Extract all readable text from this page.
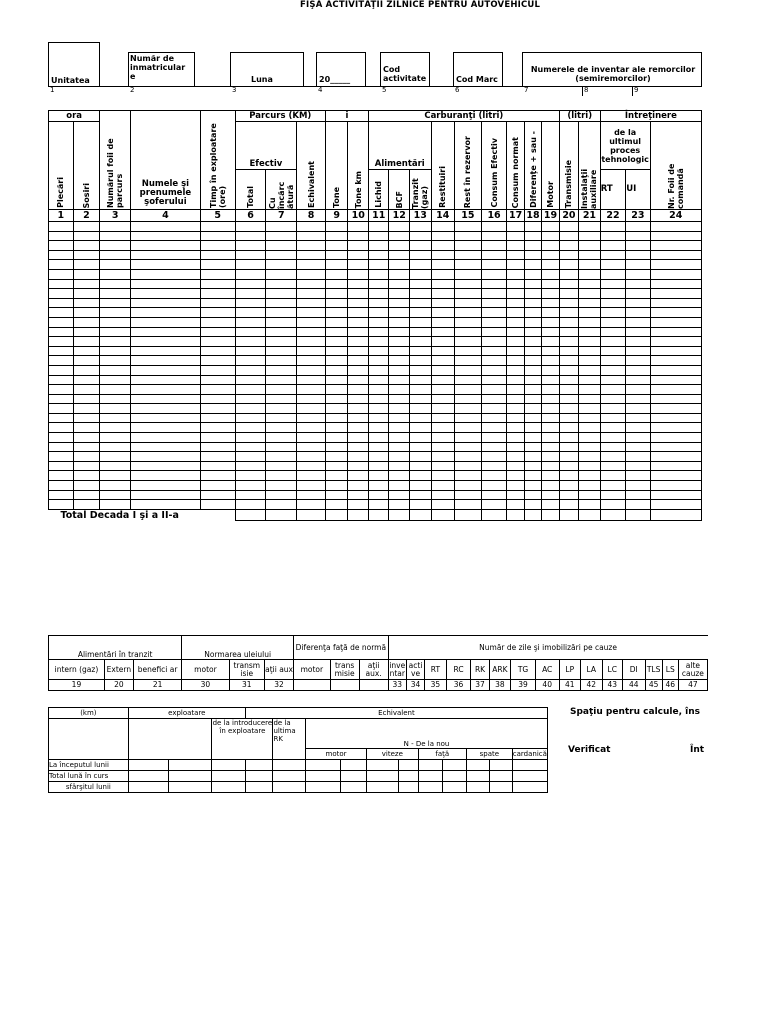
FIŞA ACTIVITĂŢII ZILNICE PENTRU AUTOVEHICUL
Unitatea
Număr de inmatricular e	Luna	20_____
Cod activitate	Cod Marc
Numerele de inventar ale remorcilor (semiremorcilor)
1	2	3	4	5	6	7	8	9
ora		Numărul foii de parcurs	Numele şi prenumele şoferului	Timp în exploatare (ore)	Parcurs (KM)			i		Carburanţi (litri)									(litri)		Întreţinere		

Plecări	Sosiri				Efectiv		Echivalent	Tone	Tone km	Alimentări			Restituiri	Rest în rezervor	Consum Efectiv	Consum normat	Diferenţe + sau -	Motor	Transmisie	Instalaţii auxiliare	de la ultimul proces tehnologic		Nr. Foii de comandă

					Total	Cu încărc ătură				Lichid	BCF	Tranzit (gaz)									RT	UI	
1	2	3	4	5	6	7	8	9	10	11	12	13	14	15	16	17	18	19	20	21	22	23	24

Total Decada I şi a II-a																							
Alimentări în tranzit			Normarea uleiului			Diferenţa faţă de normă			Număr de zile şi imobilizări pe cauze														
intern (gaz)	Extern	benefici ar	motor	transm isie	aţii aux	motor	trans misie	aţii aux.	inve ntar	acti ve	RT	RC	RK	ARK	TG	AC	LP	LA	LC	DI	TLS	LS	alte cauze
19	20	21	30	31	32				33	34	35	36	37	38	39	40	41	42	43	44	45	46	47
(km)	exploatare			Echivalent										
			de la introducere în exploatare		de la ultima RK	N - De la nou								
						motor		viteze		faţă		spate		cardanică
La începutul lunii														
Total lună în curs														
sfârşitul lunii														
Spaţiu pentru calcule, îns
Verificat	Înt
